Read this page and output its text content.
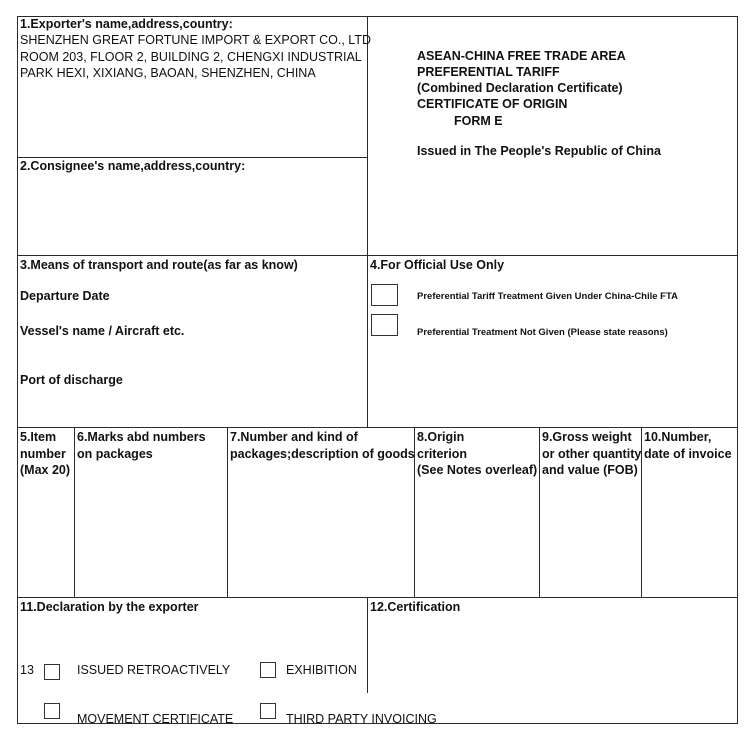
1.Exporter's name,address,country:
SHENZHEN GREAT FORTUNE IMPORT & EXPORT CO., LTD
ROOM 203, FLOOR 2, BUILDING 2, CHENGXI INDUSTRIAL
PARK HEXI, XIXIANG, BAOAN, SHENZHEN, CHINA
ASEAN-CHINA FREE TRADE AREA
PREFERENTIAL TARIFF
(Combined Declaration Certificate)
CERTIFICATE OF ORIGIN
FORM E
Issued in The People's Republic of China
2.Consignee's name,address,country:
3.Means of transport and route(as far as know)
Departure Date
Vessel's name / Aircraft etc.
Port of discharge
4.For Official Use Only
Preferential Tariff Treatment Given Under China-Chile FTA
Preferential Treatment Not Given (Please state reasons)
5.Item
number
(Max 20)
6.Marks abd numbers
on packages
7.Number and kind of
packages;description of goods
8.Origin
criterion
(See Notes overleaf)
9.Gross weight
or other quantity
and value (FOB)
10.Number,
date of invoice
11.Declaration by the exporter
13	ISSUED RETROACTIVELY	EXHIBITION
MOVEMENT CERTIFICATE	THIRD PARTY INVOICING
12.Certification
